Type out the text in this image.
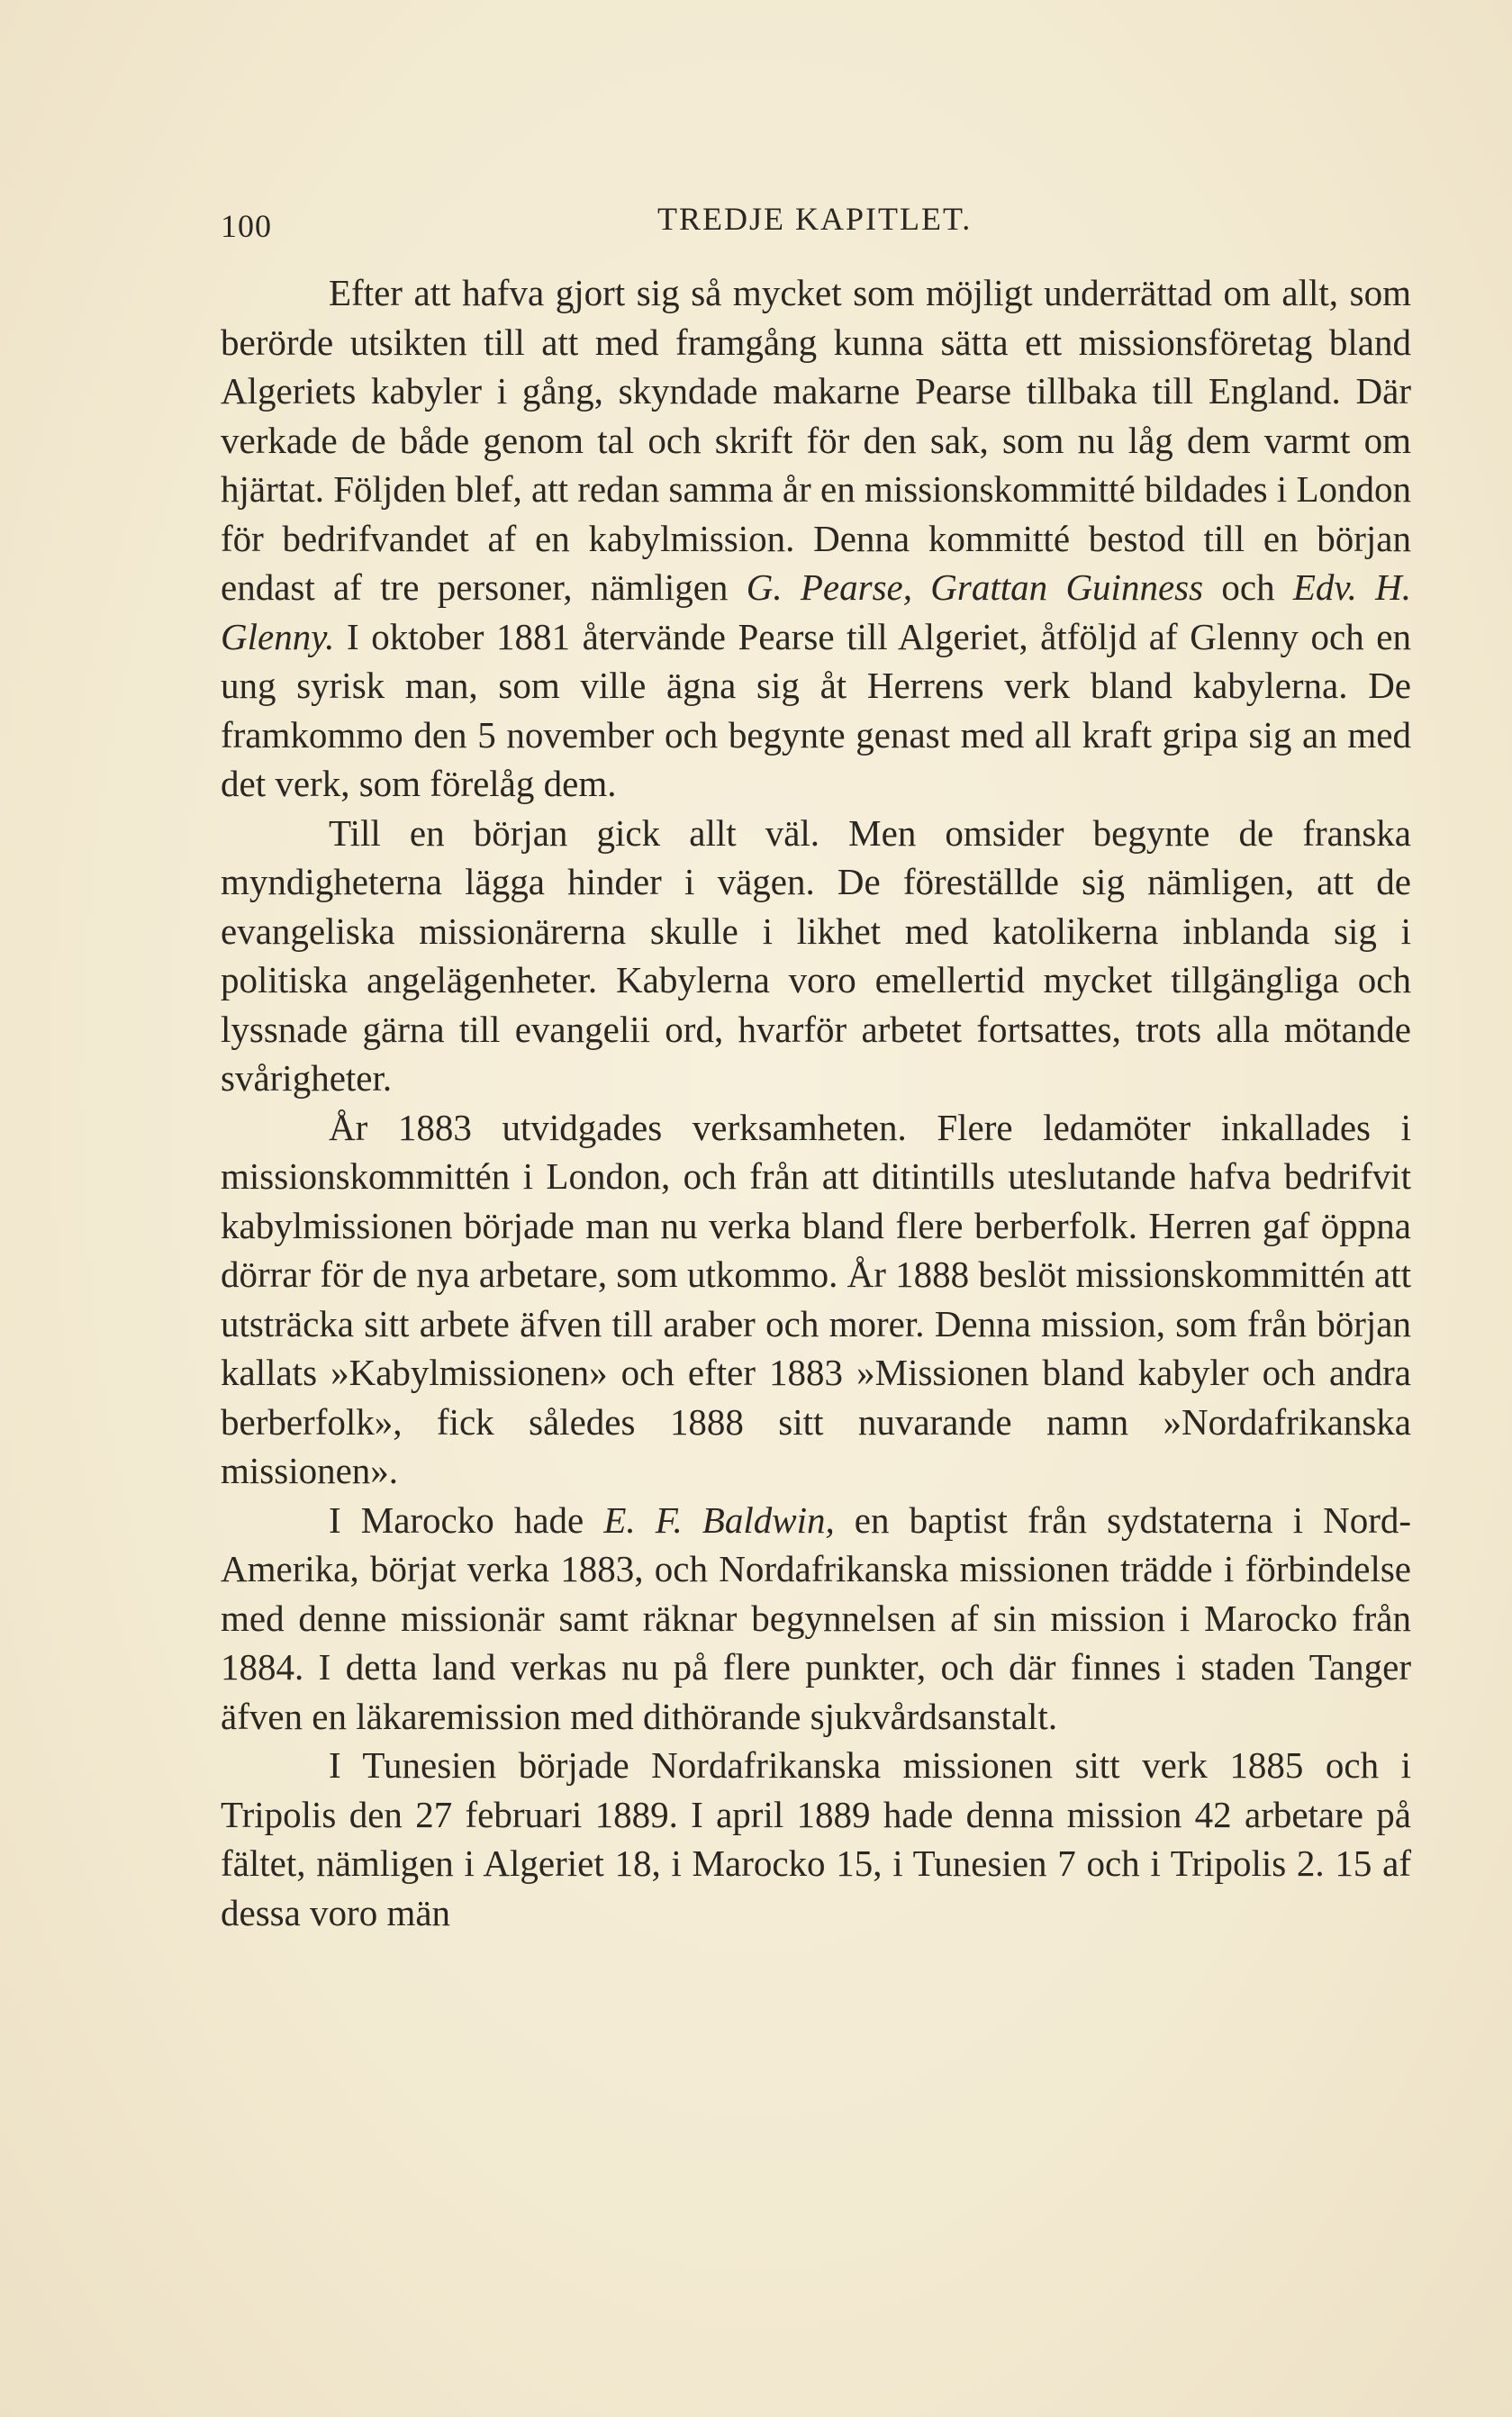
100	TREDJE KAPITLET.

Efter att hafva gjort sig så mycket som möjligt underrättad om allt, som berörde utsikten till att med framgång kunna sätta ett missionsföretag bland Algeriets kabyler i gång, skyndade makarne Pearse tillbaka till England. Där verkade de både genom tal och skrift för den sak, som nu låg dem varmt om hjärtat. Följden blef, att redan samma år en missionskommitté bildades i London för bedrifvandet af en kabylmission. Denna kommitté bestod till en början endast af tre personer, nämligen G. Pearse, Grattan Guinness och Edv. H. Glenny. I oktober 1881 återvände Pearse till Algeriet, åtföljd af Glenny och en ung syrisk man, som ville ägna sig åt Herrens verk bland kabylerna. De framkommo den 5 november och begynte genast med all kraft gripa sig an med det verk, som förelåg dem.

Till en början gick allt väl. Men omsider begynte de franska myndigheterna lägga hinder i vägen. De föreställde sig nämligen, att de evangeliska missionärerna skulle i likhet med katolikerna inblanda sig i politiska angelägenheter. Kabylerna voro emellertid mycket tillgängliga och lyssnade gärna till evangelii ord, hvarför arbetet fortsattes, trots alla mötande svårigheter.

År 1883 utvidgades verksamheten. Flere ledamöter inkallades i missionskommittén i London, och från att ditintills uteslutande hafva bedrifvit kabylmissionen började man nu verka bland flere berberfolk. Herren gaf öppna dörrar för de nya arbetare, som utkommo. År 1888 beslöt missionskommittén att utsträcka sitt arbete äfven till araber och morer. Denna mission, som från början kallats »Kabylmissionen» och efter 1883 »Missionen bland kabyler och andra berberfolk», fick således 1888 sitt nuvarande namn »Nordafrikanska missionen».

I Marocko hade E. F. Baldwin, en baptist från sydstaterna i Nord-Amerika, börjat verka 1883, och Nordafrikanska missionen trädde i förbindelse med denne missionär samt räknar begynnelsen af sin mission i Marocko från 1884. I detta land verkas nu på flere punkter, och där finnes i staden Tanger äfven en läkaremission med dithörande sjukvårdsanstalt.

I Tunesien började Nordafrikanska missionen sitt verk 1885 och i Tripolis den 27 februari 1889. I april 1889 hade denna mission 42 arbetare på fältet, nämligen i Algeriet 18, i Marocko 15, i Tunesien 7 och i Tripolis 2. 15 af dessa voro män
